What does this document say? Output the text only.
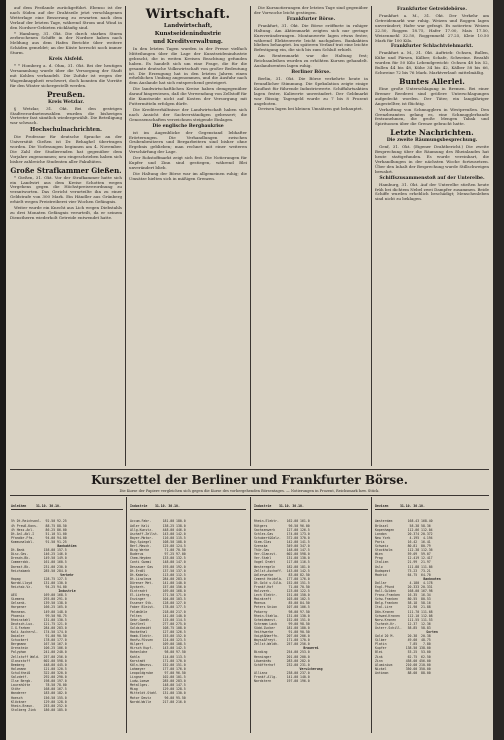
auf dem Festlande zurückgeführt. Ebenso ist der nach Süden auf der Drahtseile jetzt verschlagenen Wetterlage eine Besserung zu erwarten nach dem Verlauf der letzten Tage, während Strom und Wind in den Nordsee-Gebieten rückläufig sind.

* Hamburg, 31. Okt. Die durch starken Sturm zerbrochenen Schiffe in der Nordsee haben nach Meldung aus dem Hafen Berichte über weitere Schäden gemeldet; an der Küste herrscht noch immer Sturm.

Kreis Alsfeld.

* * Homberg a. d. Ohm, 31. Okt. Bei der heutigen Versammlung wurde über die Versorgung der Stadt mit Kohlen verhandelt. Die Zufuhr ist wegen der Wagenknappheit erschwert, doch konnten die Vorräte für den Winter sichergestellt werden.

Preußen.
Kreis Wetzlar.

§ Wetzlar, 31. Okt. Bei den gestrigen Stadtverordnetenwahlen wurden die bisherigen Vertreter fast sämtlich wiedergewählt. Die Beteiligung war schwach.

Hochschulnachrichten.

Die Professur für deutsche Sprache an der Universität Gießen ist Dr. Behaghel übertragen worden. Die Vorlesungen beginnen am 4. November. Die Zahl der Studierenden hat gegenüber dem Vorjahre zugenommen; neu eingeschrieben haben sich bisher zahlreiche Studenten aller Fakultäten.

Große Strafkammer Gießen.

* Gießen, 31. Okt. Vor der Strafkammer hatte sich ein Landwirt aus dem Kreise Schotten wegen Vergehens gegen die Höchstpreisverordnung zu verantworten. Das Gericht verurteilte ihn zu einer Geldstrafe von 300 Mark. Ein Händler aus Grünberg erhielt wegen Preistreiberei vier Wochen Gefängnis.

Weiter wurde ein Knecht aus Lich wegen Diebstahls zu drei Monaten Gefängnis verurteilt, da er seinem Dienstherrn wiederholt Getreide entwendet hatte.

Wirtschaft.
Landwirtschaft,
Kunstseidenindustrie
und Kreditverwaltung.

In den letzten Tagen wurden in der Presse vielfach Mitteilungen über die Lage der Kunstseidenindustrie gebracht, die in weiten Kreisen Beachtung gefunden haben. Es handelt sich um eine Frage, die für die gesamte deutsche Volkswirtschaft von großer Bedeutung ist. Die Erzeugung hat in den letzten Jahren einen erheblichen Umfang angenommen, und die Ausfuhr nach dem Auslande hat sich entsprechend gesteigert.

Die landwirtschaftlichen Kreise haben demgegenüber darauf hingewiesen, daß die Verwendung von Zellstoff für die Kunstseide nicht auf Kosten der Versorgung mit Futtermitteln erfolgen dürfe.

Die Kreditverhältnisse der Landwirtschaft haben sich nach Ansicht der Sachverständigen gebessert; die Genossenschaften verzeichnen steigende Einlagen.

Die englische Bergbaukrise

ist im Augenblicke der Gegenstand lebhafter Erörterungen. Die Verhandlungen zwischen Grubenbesitzern und Bergarbeitern sind bisher ohne Ergebnis geblieben; man rechnet mit einer weiteren Verschärfung der Lage.

Der Rohstoffmarkt zeigt sich fest. Die Notierungen für Kupfer und Zinn sind gestiegen, während Blei unverändert blieb.

Die Haltung der Börse war im allgemeinen ruhig; die Umsätze hielten sich in mäßigen Grenzen.

Die Kursnotierungen der letzten Tage sind gegenüber der Vorwoche leicht gestiegen.

Frankfurter Börse.

Frankfurt, 31. Okt. Die Börse eröffnete in ruhiger Haltung. Am Aktienmarkt zeigten sich nur geringe Kursveränderungen. Montanwerte lagen etwas fester, während Elektrowerte leicht nachgaben. Bankaktien blieben behauptet. Im späteren Verlauf trat eine leichte Befestigung ein, die sich bis zum Schluß erhielt.

Am Rentenmarkt war die Haltung fest; Reichsanleihen wurden zu erhöhten Kursen gehandelt. Auslandsrenten lagen ruhig.

Berliner Börse.

Berlin, 31. Okt. Die Börse verkehrte heute in freundlicher Stimmung. Die Spekulation zeigte einige Kauflust für führende Industriewerte. Schiffahrtsaktien lagen fester, Kaliwerte unverändert. Der Geldmarkt war flüssig; Tagesgeld wurde zu 7 bis 8 Prozent angeboten.

Devisen lagen bei kleinen Umsätzen gut behauptet.

Frankfurter Getreidebörse.

Frankfurt a. M., 31. Okt. Der Verkehr am Getreidemarkt war ruhig. Weizen und Roggen lagen unverändert; Hafer war gefragt. Es notierten: Weizen 22.50, Roggen 18.75, Hafer 17.00, Mais 17.50, Weizenmehl 32.50, Roggenmehl 27.25, Kleie 10.50 Mark für 100 Kilo.

Frankfurter Schlachtviehmarkt.

Frankfurt a. M., 31. Okt. Auftrieb: Ochsen, Bullen, Kühe und Färsen, Kälber, Schafe, Schweine. Bezahlt wurden für 50 Kilo Lebendgewicht: Ochsen 48 bis 52, Bullen 44 bis 48, Kühe 34 bis 42, Kälber 58 bis 66, Schweine 72 bis 76 Mark. Marktverlauf: mittelmäßig.

Buntes Allerlei.

Eine große Unterschlagung in Bremen. Bei einer Bremer Reederei sind größere Unterschlagungen aufgedeckt worden. Der Täter, ein langjähriger Angestellter, ist flüchtig.

Verhaftung von Schmugglern in Westpreußen. Den Grenzbeamten gelang es, eine Schmugglerbande festzunehmen, die große Mengen Tabak und Spirituosen über die Grenze gebracht hatte.

Letzte Nachrichten.
Die zweite Räumungsbesprechung.

Genf, 31. Okt. (Eigener Drahtbericht.) Die zweite Besprechung über die Räumung des Rheinlandes hat heute stattgefunden. Es wurde vereinbart, die Verhandlungen in der nächsten Woche fortzusetzen. Über den Inhalt der Besprechung wurde Stillschweigen bewahrt.

Schiffszusammenstoß auf der Unterelbe.

Hamburg, 31. Okt. Auf der Unterelbe stießen heute früh bei dichtem Nebel zwei Dampfer zusammen. Beide Schiffe wurden erheblich beschädigt; Menschenleben sind nicht zu beklagen.

Kurszettel der Berliner und Frankfurter Börse.
Die Kurse der Papiere vergleichen sich gegen die Kurse des vorhergehenden Börsentages. — Notierungen in Prozent, Reichsmark bzw. Stück.

Anleihen     31.10. 30.10.

5% Dt.Reichsanl.  92.50 92.25
4% Preuß.Kons.    88.75 88.50
4% Hess.Anl.      86.25 86.00
Dt.Anl.Abl.I      51.10 51.00
Pfandbr.Ffm.      94.00 94.00
Kommunalobl.      91.50 91.25
Bankaktien
Dt.Bank          158.00 157.5
Disc.Ges.        146.25 146.0
Dresdn.Bk.       149.50 149.0
Commerzbk.       161.00 160.5
Darmst.Bk.       231.00 230.0
Reichsbank       285.50 284.0
Verkehr
Hapag            128.75 127.5
Nordd.Lloyd      131.00 130.0
Reichsb.Vz.       94.25 94.00
Industrie
AEG              169.00 168.5
Siemens          293.00 291.0
Gelsenk.         139.50 138.0
Harpener         166.25 165.0
Mannesm.         149.00 148.0
Phoenix           99.50 98.75
Rheinstahl       131.00 130.5
Deutsch-Lux.     121.75 121.0
I.G.Farben       284.00 283.0
Kali Aschersl.   174.50 174.0
Daimler           91.00 90.50
Schuckert        178.00 177.0
Bergmann         167.50 167.0
Orenstein        106.25 106.0
Polyphon         241.00 240.0
Zellstoff Wald.  257.00 256.0
Glanzstoff       602.00 598.0
Bemberg          448.00 445.0
Holzmann         121.00 120.5
Schultheiß       322.00 320.0
Salzdetf.        292.00 290.0
Ilse Bergb.      198.00 197.0
Laurahütte        78.50 78.00
Stöhr            168.00 167.5
Wanderer         183.00 182.0
Hoesch           156.50 155.0
Klöckner         129.00 128.0
Rhein.Braun.     253.00 252.0
Stolberg Zink    186.00 185.0

Industrie    31.10. 30.10.

Accum.Fabr.      181.00 180.0
Adler Kali       138.25 138.0
Allg.Kunstz.     448.00 446.0
Aschaff.Zellst.  143.00 142.0
Bayer.Motor.     116.00 115.5
Bay.Spiegel      108.50 108.0
Berl.Masch.      125.00 124.5
Bing Werke        71.00 70.50
Buderus           97.25 97.00
Chem.Heyden      133.00 132.5
Conti Gummi      148.00 147.0
Dessauer Gas     193.00 192.0
Dt.Erdöl         137.50 137.0
Dt.Kabelw.       113.00 112.5
Dt.Linoleum      284.00 283.0
Dürener Met.     141.00 140.0
Dyckerh.         157.00 156.0
Eintracht        169.00 168.0
El.Lieferg.      171.50 171.0
Enzinger         104.00 103.5
Essener Stk.     128.00 127.0
Faber Bleist.    178.00 177.5
Feldmühle        218.00 217.0
Felten           141.00 140.0
Gebr.Goedh.      115.00 114.5
Gesfürel         277.00 275.0
Goldschmidt      108.75 108.0
Hackethal        127.00 126.5
Hamb.Elektr.     153.00 152.0
Hanfw.Füssen     124.00 123.5
Hilpert          109.00 108.5
Hirsch Kupf.     143.00 142.5
Hohenlohe         98.00 97.50
Kahla            114.00 113.5
Karstadt         171.00 170.0
Köln-Neuess.     152.00 151.0
Lahmeyer         177.00 176.0
Leopoldgrube      97.00 96.50
Lingner          102.00 101.5
Ludw.Loewe       285.00 283.0
Metallges.       148.00 147.5
Miag             129.00 128.5
Mitteldt.Stahl   131.00 130.0
Motor Deutz       96.00 95.50
Nordd.Wolle      217.00 216.0

Industrie    31.10. 30.10.

Rhein.Elektr.    162.00 161.0
Rütgers           96.50 96.00
Sachsenwerk      127.00 126.5
Schles.Gas       174.00 173.0
Schubert&Salz.   372.00 370.0
Siem.Glas        142.00 141.5
Svenska          349.00 347.0
Thür.Gas         148.00 147.5
Ver.Glanzst.     602.00 598.0
Ver.Stahl        131.00 130.0
Vogel Draht      117.00 116.5
Westeregeln      182.00 181.0
Zellst.Aschaff.  143.00 142.5
Adlerwerke        83.00 82.50
Cement Heidelb.  177.00 176.0
Dt.Gold u.Silb.  152.00 151.5
Frankf.Hof        71.00 70.50
Holzverk.        123.00 122.5
Lech Elektr.     151.00 150.0
Mainkraft        103.00 102.5
Moenus            85.00 84.50
Peters Union     107.00 106.5
Pokorny           98.00 97.50
Rhein.Stahlw.    131.00 130.0
Scheideanst.     152.00 151.0
Schramm Lack      99.00 98.50
Südd.Zucker      181.00 180.0
Veithwerke        91.00 90.50
Voigt&Haeffn.    207.00 206.0
Wayss&Freyt.     171.00 170.0
Zellst.Waldh.    257.00 256.0
Brauerei
Binding          254.00 253.0
Henninger        201.00 200.0
Löwenbräu        283.00 282.0
Schöfferhof      232.00 231.0
Versicherung
Allianz          238.00 237.0
Frankf.Allg.     141.00 140.0
Nordstern        197.00 196.0

Devisen      31.10. 30.10.

Amsterdam        168.43 168.40
Brüssel           58.38 58.36
Kopenhagen       112.06 112.04
London           20.374 20.372
New York          4.195  4.194
Paris            16.42  16.41
Schweiz          80.81  80.79
Stockholm        112.38 112.36
Wien             59.09  59.07
Prag             12.419 12.417
Italien          21.99  21.97
Oslo             111.88 111.86
Budapest         73.23  73.21
Madrid           64.75  64.70
Banknoten
Dollar            4.180  4.178
Engl.Pfund       20.333 20.331
Holl.Gulden      168.00 167.98
Franz.Franken    16.35  16.34
Schw.Franken     80.55  80.53
Belg.Franken     58.18  58.16
Ital.Lire        21.90  21.88
Dän.Kronen       111.70 111.68
Schwed.Kronen    112.10 112.08
Norw.Kronen      111.55 111.53
Tschech.Kr.      12.37  12.36
Österr.Schill.   58.85  58.83
Sorten
Gold 20 M.       20.38  20.38
Silber           49.00  48.75
Platin            7.85   7.80
Kupfer          138.50 138.00
Blei             53.25  53.00
Zink             62.75  62.50
Zinn            458.00 456.00
Aluminium       210.00 210.00
Nickel          350.00 350.00
Antimon          88.00  88.00
